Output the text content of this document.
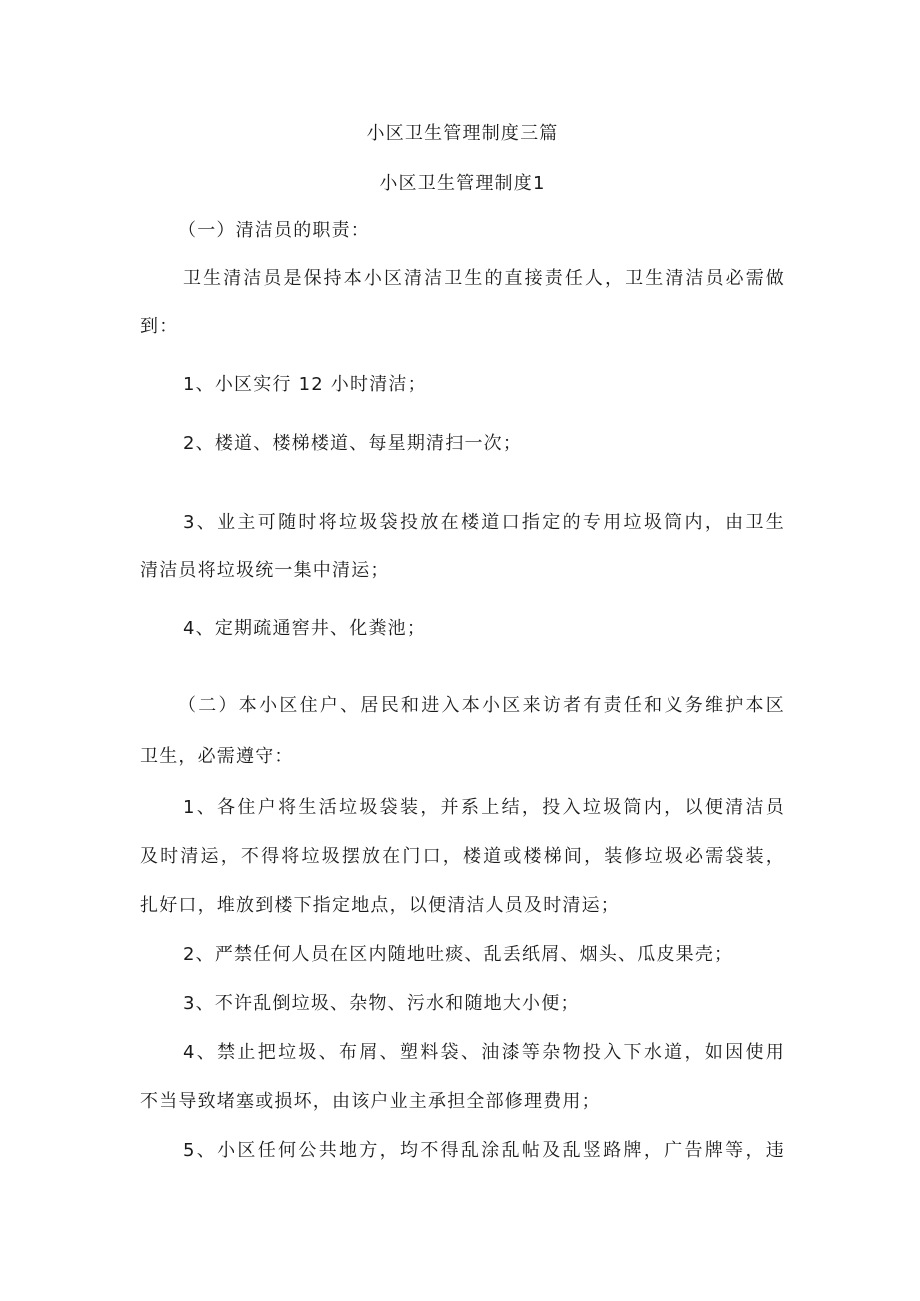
小区卫生管理制度三篇
小区卫生管理制度1
（一）清洁员的职责：
卫生清洁员是保持本小区清洁卫生的直接责任人，卫生清洁员必需做
到：
1、小区实行 12 小时清洁；
2、楼道、楼梯楼道、每星期清扫一次；
3、业主可随时将垃圾袋投放在楼道口指定的专用垃圾筒内，由卫生
清洁员将垃圾统一集中清运；
4、定期疏通窖井、化粪池；
（二）本小区住户、居民和进入本小区来访者有责任和义务维护本区
卫生，必需遵守：
1、各住户将生活垃圾袋装，并系上结，投入垃圾筒内，以便清洁员
及时清运，不得将垃圾摆放在门口，楼道或楼梯间，装修垃圾必需袋装，
扎好口，堆放到楼下指定地点，以便清洁人员及时清运；
2、严禁任何人员在区内随地吐痰、乱丢纸屑、烟头、瓜皮果壳；
3、不许乱倒垃圾、杂物、污水和随地大小便；
4、禁止把垃圾、布屑、塑料袋、油漆等杂物投入下水道，如因使用
不当导致堵塞或损坏，由该户业主承担全部修理费用；
5、小区任何公共地方，均不得乱涂乱帖及乱竖路牌，广告牌等，违
